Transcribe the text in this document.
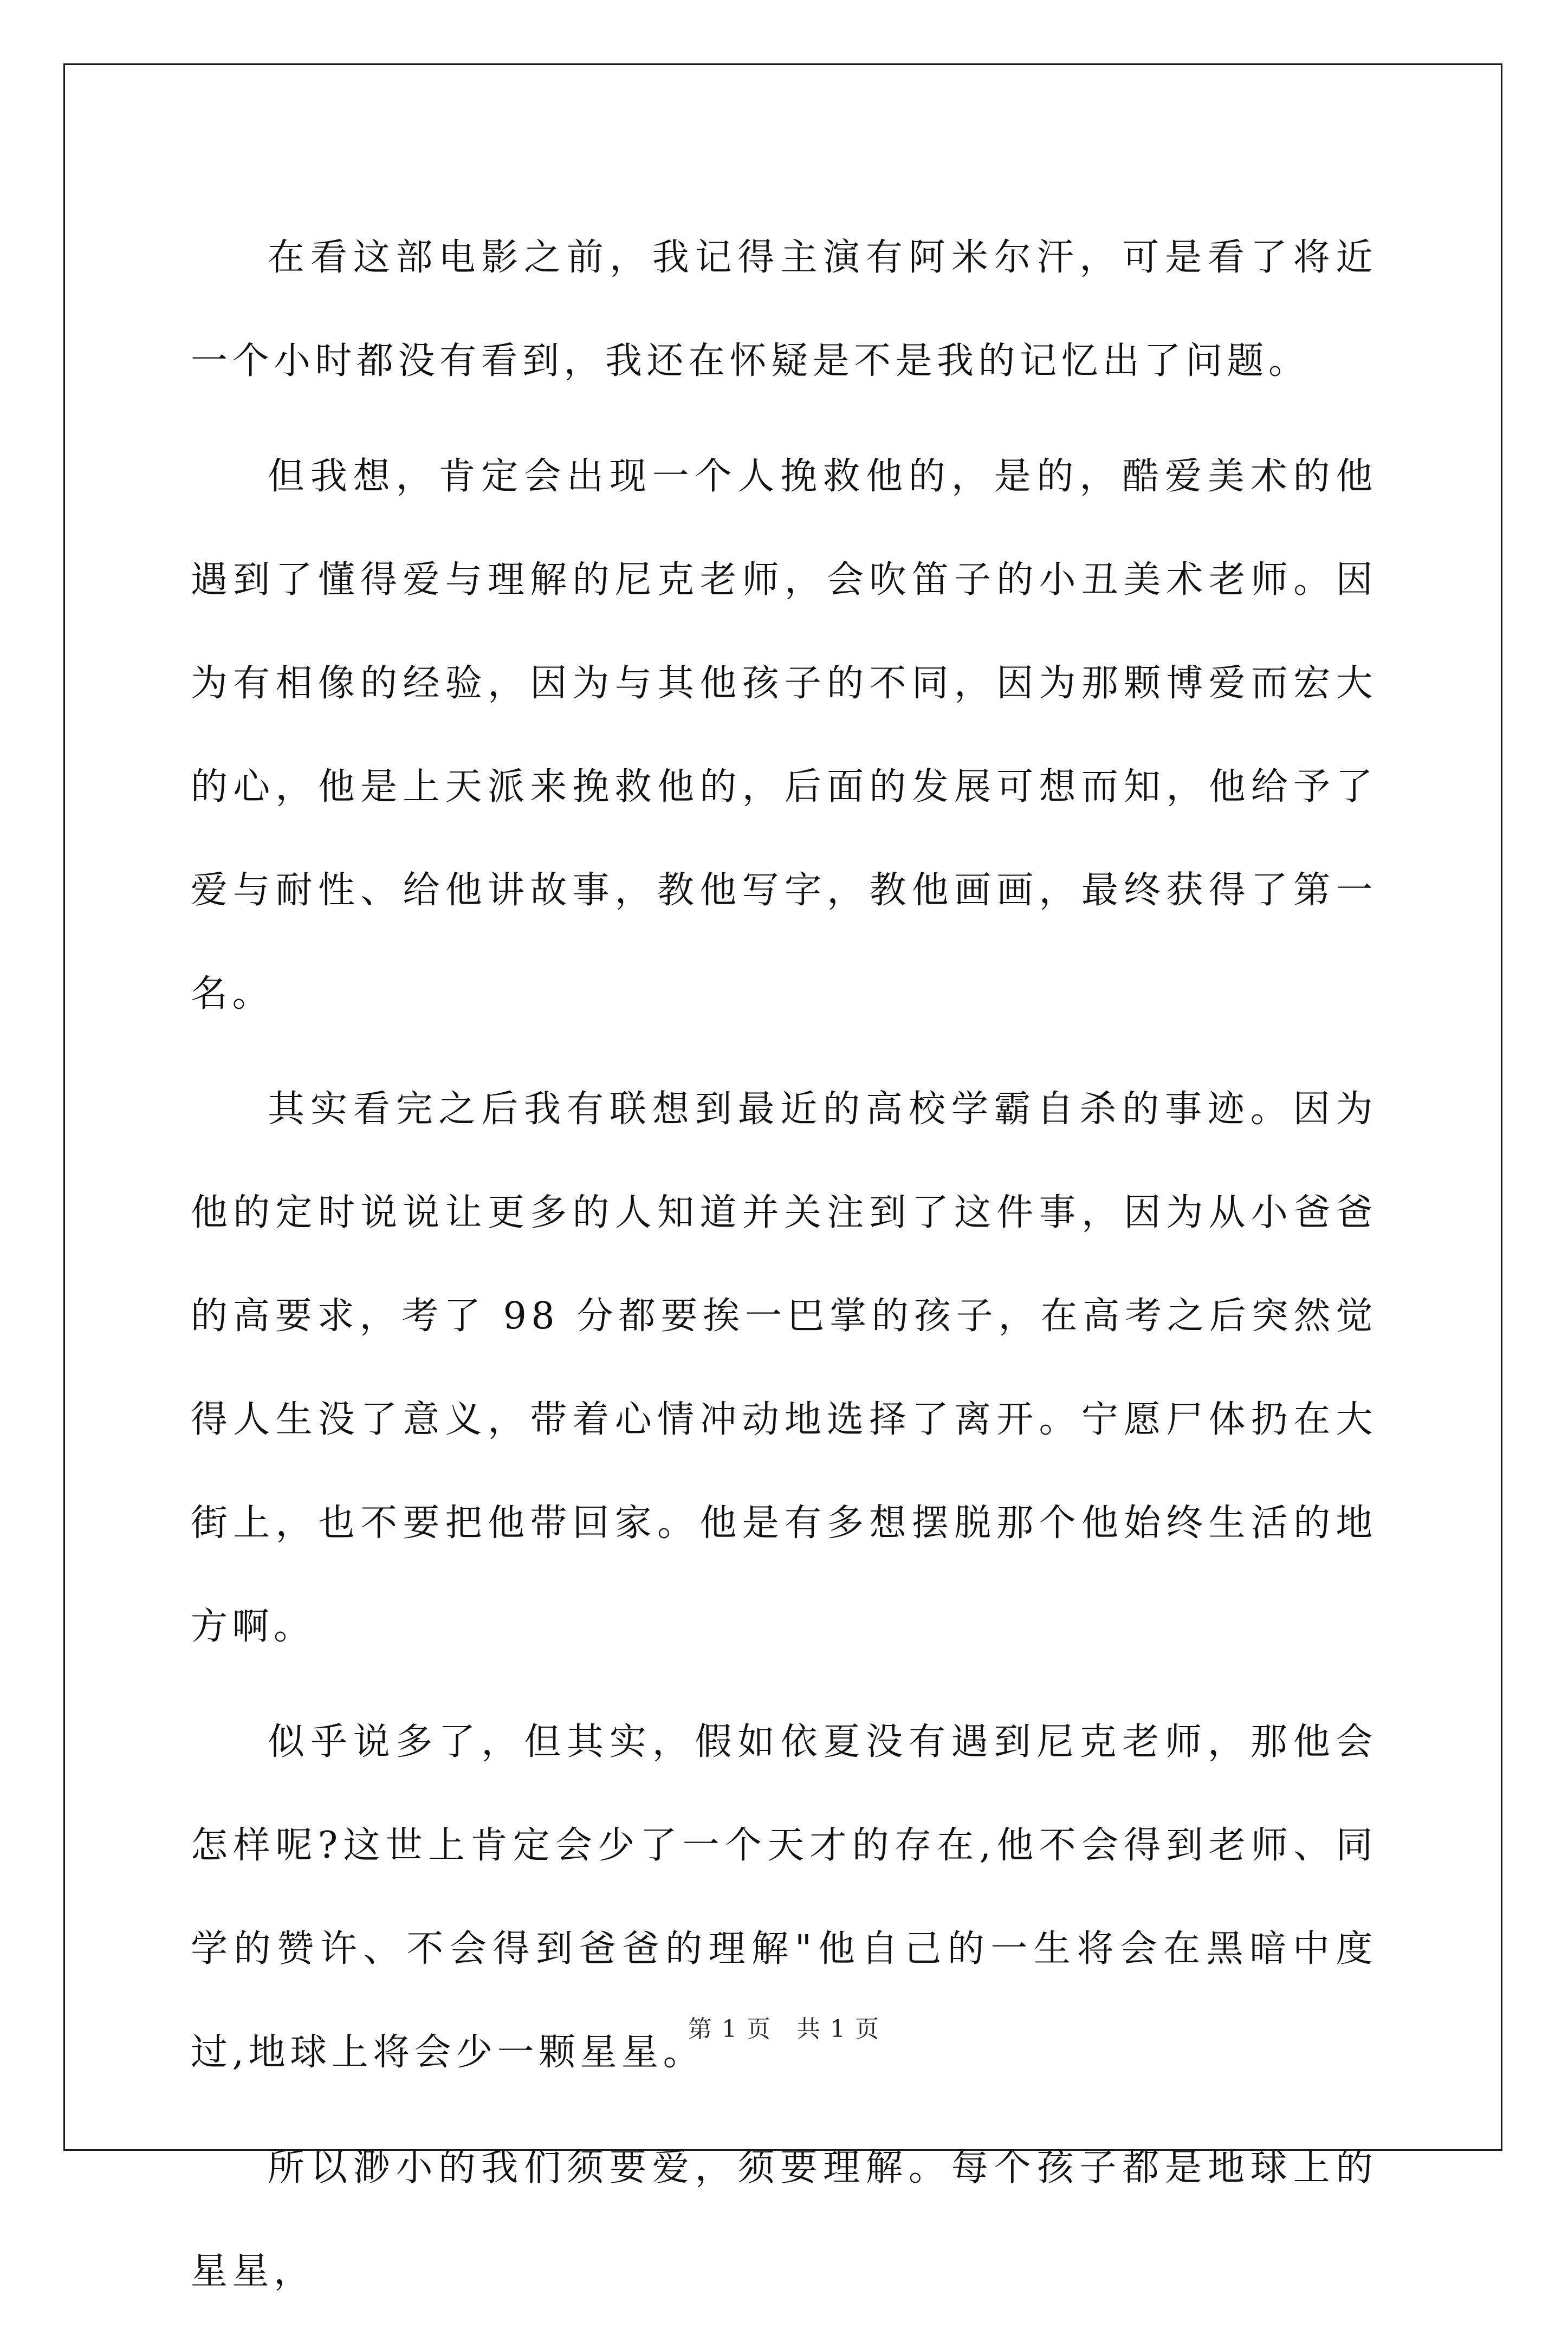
在看这部电影之前，我记得主演有阿米尔汗，可是看了将近一个小时都没有看到，我还在怀疑是不是我的记忆出了问题。

但我想，肯定会出现一个人挽救他的，是的，酷爱美术的他遇到了懂得爱与理解的尼克老师，会吹笛子的小丑美术老师。因为有相像的经验，因为与其他孩子的不同，因为那颗博爱而宏大的心，他是上天派来挽救他的，后面的发展可想而知，他给予了爱与耐性、给他讲故事，教他写字，教他画画，最终获得了第一名。

其实看完之后我有联想到最近的高校学霸自杀的事迹。因为他的定时说说让更多的人知道并关注到了这件事，因为从小爸爸的高要求，考了 98 分都要挨一巴掌的孩子，在高考之后突然觉得人生没了意义，带着心情冲动地选择了离开。宁愿尸体扔在大街上，也不要把他带回家。他是有多想摆脱那个他始终生活的地方啊。

似乎说多了，但其实，假如依夏没有遇到尼克老师，那他会怎样呢?这世上肯定会少了一个天才的存在,他不会得到老师、同学的赞许、不会得到爸爸的理解"他自己的一生将会在黑暗中度过,地球上将会少一颗星星。

所以渺小的我们须要爱，须要理解。每个孩子都是地球上的星星，

第 1 页　共 1 页
